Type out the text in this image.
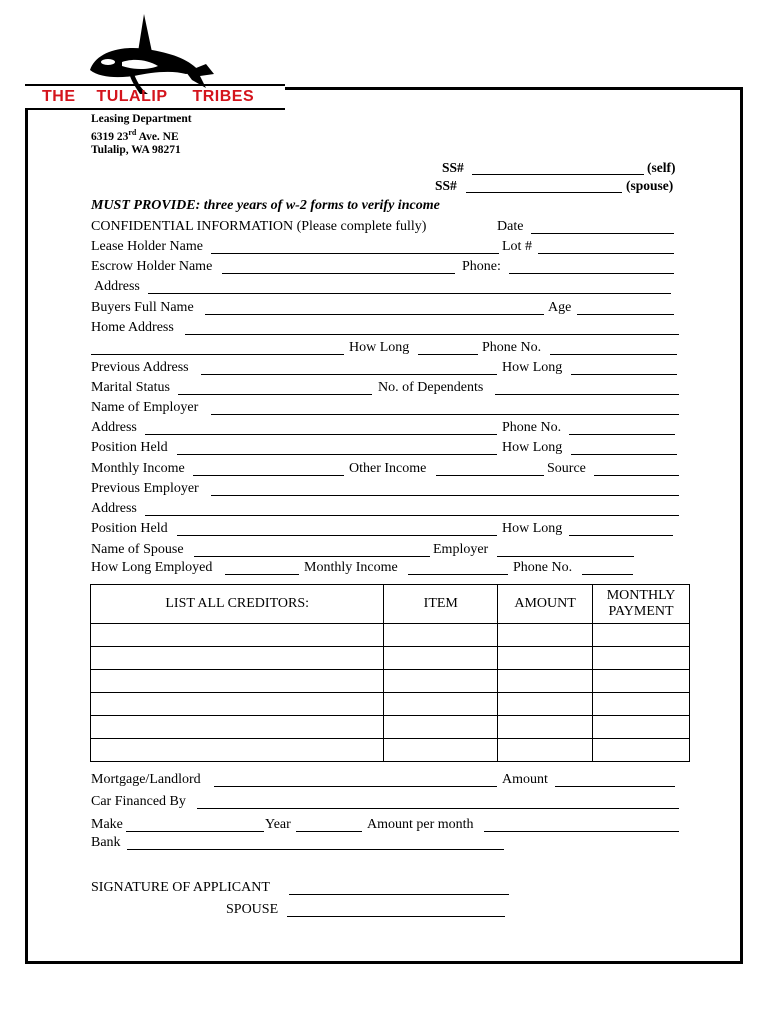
THE TULALIP TRIBES
Leasing Department
6319 23rd Ave. NE
Tulalip, WA 98271
SS#	(self)
SS#	(spouse)
MUST PROVIDE: three years of w-2 forms to verify income
CONFIDENTIAL INFORMATION (Please complete fully)	Date
Lease Holder Name	Lot #
Escrow Holder Name	Phone:
Address
Buyers Full Name	Age
Home Address
How Long	Phone No.
Previous Address	How Long
Marital Status	No. of Dependents
Name of Employer
Address	Phone No.
Position Held	How Long
Monthly Income	Other Income	Source
Previous Employer
Address
Position Held	How Long
Name of Spouse	Employer
How Long Employed	Monthly Income	Phone No.
LIST ALL CREDITORS:	ITEM	AMOUNT	MONTHLY
PAYMENT

Mortgage/Landlord	Amount
Car Financed By
Make	Year	Amount per month
Bank
SIGNATURE OF APPLICANT
SPOUSE
